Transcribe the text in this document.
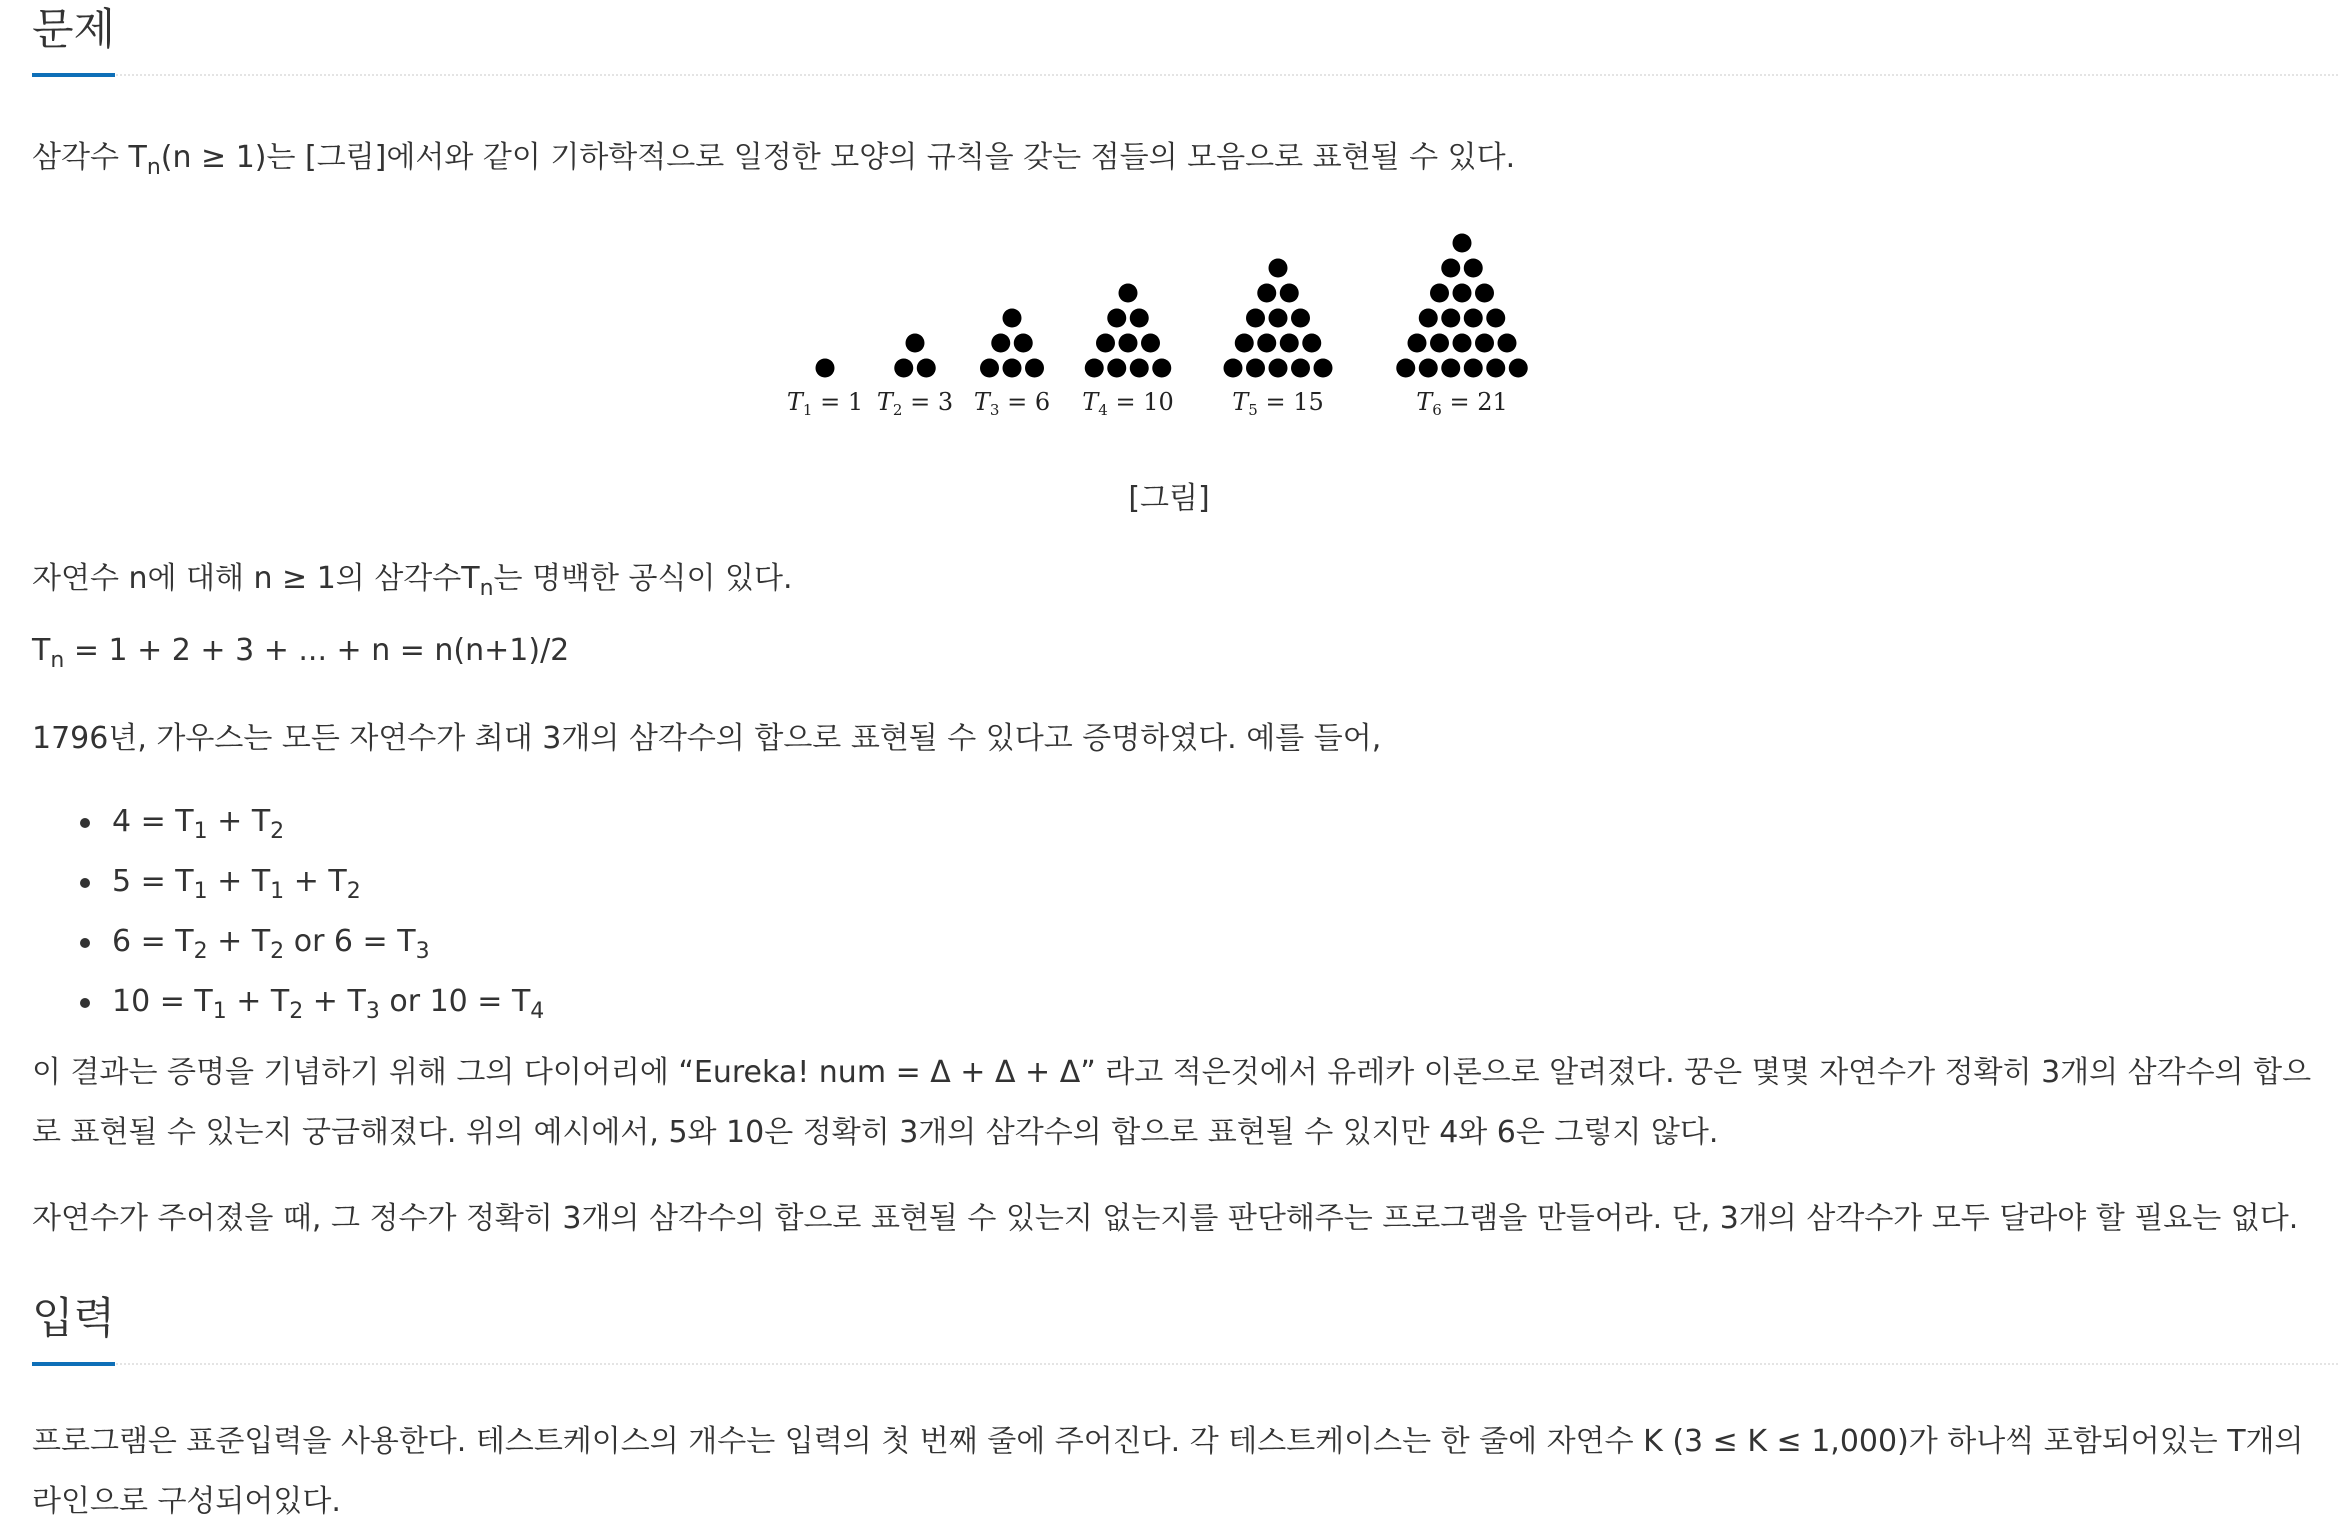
문제

삼각수 $T_n(n \ge 1)$는 [그림]에서와 같이 기하학적으로 일정한 모양의 규칙을 갖는 점들의 모음으로 표현될 수 있다.

$T_1 = 1$ $T_2 = 3$ $T_3 = 6$ $T_4 = 10$ $T_5 = 15$	$T_6 = 21$
[그림]

자연수 n에 대해 n ≥ 1의 삼각수$T_n$는 명백한 공식이 있다.

$T_n = 1 + 2 + 3$ + ... + n = n(n+1)/2

1796년, 가우스는 모든 자연수가 최대 3개의 삼각수의 합으로 표현될 수 있다고 증명하였다. 예를 들어,

$4 = T_1 + T_2$
$5 = T_1 + T_1 + T_2$
$6 = T_2 + T_2$ or $6 = T_3$
$10 = T_1 + T_2 + T_3$ or $10 = T_4$

이 결과는 증명을 기념하기 위해 그의 다이어리에 “Eureka! num = Δ + Δ + Δ” 라고 적은것에서 유레카 이론으로 알려졌다. 꿍은 몇몇 자연수가 정확히 3개의 삼각수의 합으로 표현될 수 있는지 궁금해졌다. 위의 예시에서, 5와 10은 정확히 3개의 삼각수의 합으로 표현될 수 있지만 4와 6은 그렇지 않다.

자연수가 주어졌을 때, 그 정수가 정확히 3개의 삼각수의 합으로 표현될 수 있는지 없는지를 판단해주는 프로그램을 만들어라. 단, 3개의 삼각수가 모두 달라야 할 필요는 없다.

입력

프로그램은 표준입력을 사용한다. 테스트케이스의 개수는 입력의 첫 번째 줄에 주어진다. 각 테스트케이스는 한 줄에 자연수 K (3 ≤ K ≤ 1,000)가 하나씩 포함되어있는 T개의 라인으로 구성되어있다.
